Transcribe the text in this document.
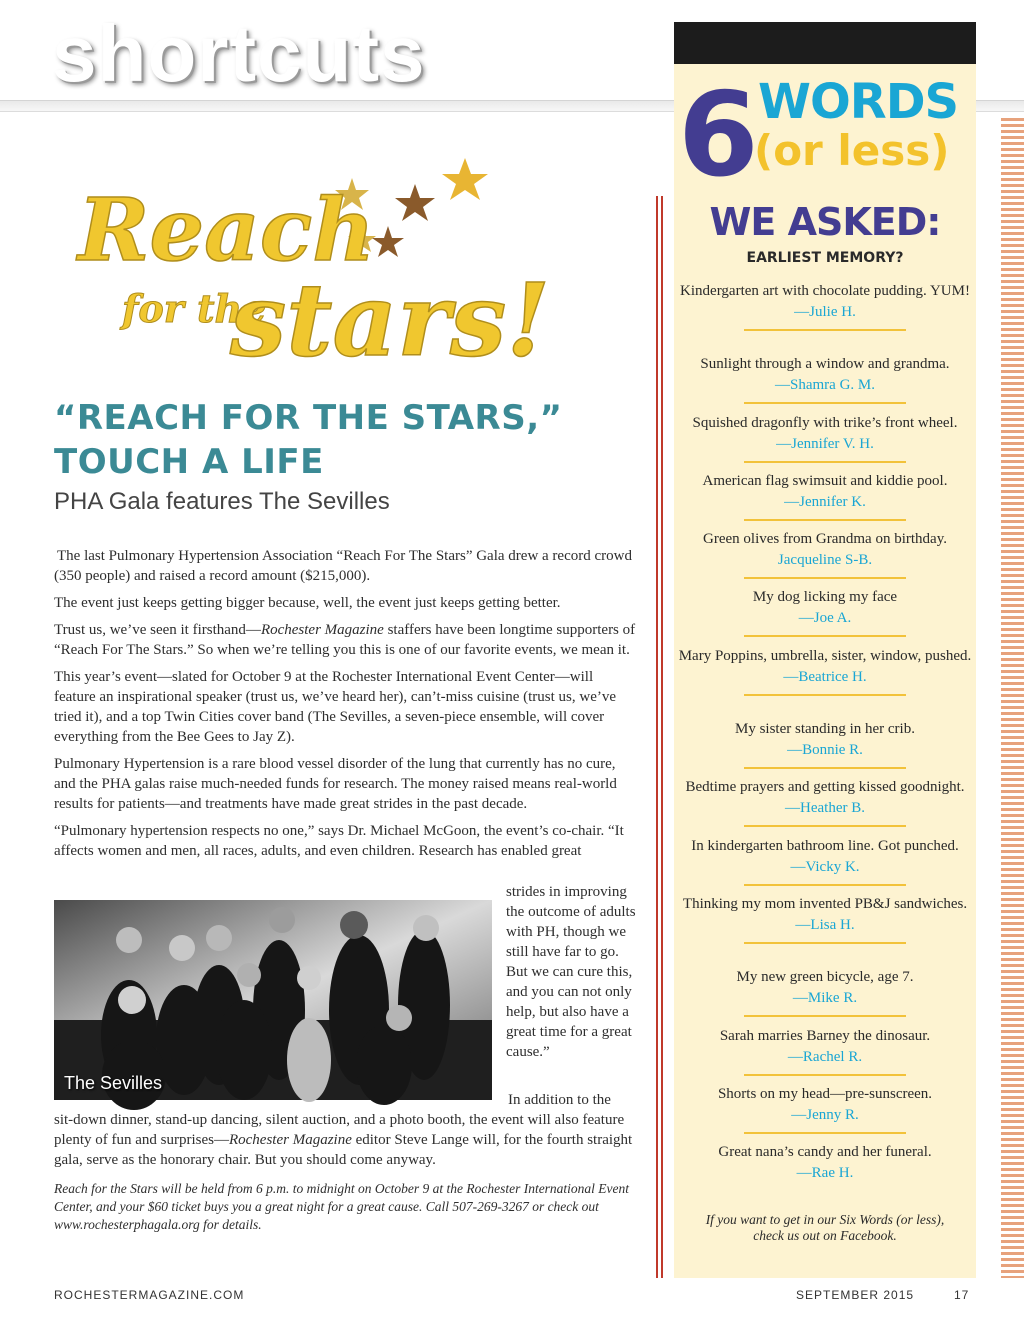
shortcuts
Reach
for the
stars!
“REACH FOR THE STARS,”
TOUCH A LIFE
PHA Gala features The Sevilles

The last Pulmonary Hypertension Association “Reach For The Stars” Gala drew a record crowd (350 people) and raised a record amount ($215,000).

The event just keeps getting bigger because, well, the event just keeps getting better.

Trust us, we’ve seen it firsthand—Rochester Magazine staffers have been longtime supporters of “Reach For The Stars.” So when we’re telling you this is one of our favorite events, we mean it.

This year’s event—slated for October 9 at the Rochester International Event Center—will feature an inspirational speaker (trust us, we’ve heard her), can’t-miss cuisine (trust us, we’ve tried it), and a top Twin Cities cover band (The Sevilles, a seven-piece ensemble, will cover everything from the Bee Gees to Jay Z).

Pulmonary Hypertension is a rare blood vessel disorder of the lung that currently has no cure, and the PHA galas raise much-needed funds for research. The money raised means real-world results for patients—and treatments have made great strides in the past decade.

“Pulmonary hypertension respects no one,” says Dr. Michael McGoon, the event’s co-chair. “It affects women and men, all races, adults, and even children. Research has enabled great

The Sevilles
strides in improving the outcome of adults with PH, though we still have far to go. But we can cure this, and you can not only help, but also have a great time for a great cause.”
In addition to the
sit-down dinner, stand-up dancing, silent auction, and a photo booth, the event will also feature plenty of fun and surprises—Rochester Magazine editor Steve Lange will, for the fourth straight gala, serve as the honorary chair. But you should come anyway.
Reach for the Stars will be held from 6 p.m. to midnight on October 9 at the Rochester International Event Center, and your $60 ticket buys you a great night for a great cause. Call 507-269-3267 or check out www.rochesterphagala.org for details.
6 WORDS
(or less)
WE ASKED:
EARLIEST MEMORY?
Kindergarten art with chocolate pudding. YUM!
—Julie H.
Sunlight through a window and grandma.
—Shamra G. M.
Squished dragonfly with trike’s front wheel.
—Jennifer V. H.
American flag swimsuit and kiddie pool.
—Jennifer K.
Green olives from Grandma on birthday.
Jacqueline S-B.
My dog licking my face
—Joe A.
Mary Poppins, umbrella, sister, window, pushed.
—Beatrice H.
My sister standing in her crib.
—Bonnie R.
Bedtime prayers and getting kissed goodnight.
—Heather B.
In kindergarten bathroom line. Got punched.
—Vicky K.
Thinking my mom invented PB&J sandwiches.
—Lisa H.
My new green bicycle, age 7.
—Mike R.
Sarah marries Barney the dinosaur.
—Rachel R.
Shorts on my head—pre-sunscreen.
—Jenny R.
Great nana’s candy and her funeral.
—Rae H.
If you want to get in our Six Words (or less), check us out on Facebook.
ROCHESTERMAGAZINE.COM	SEPTEMBER 2015	17
